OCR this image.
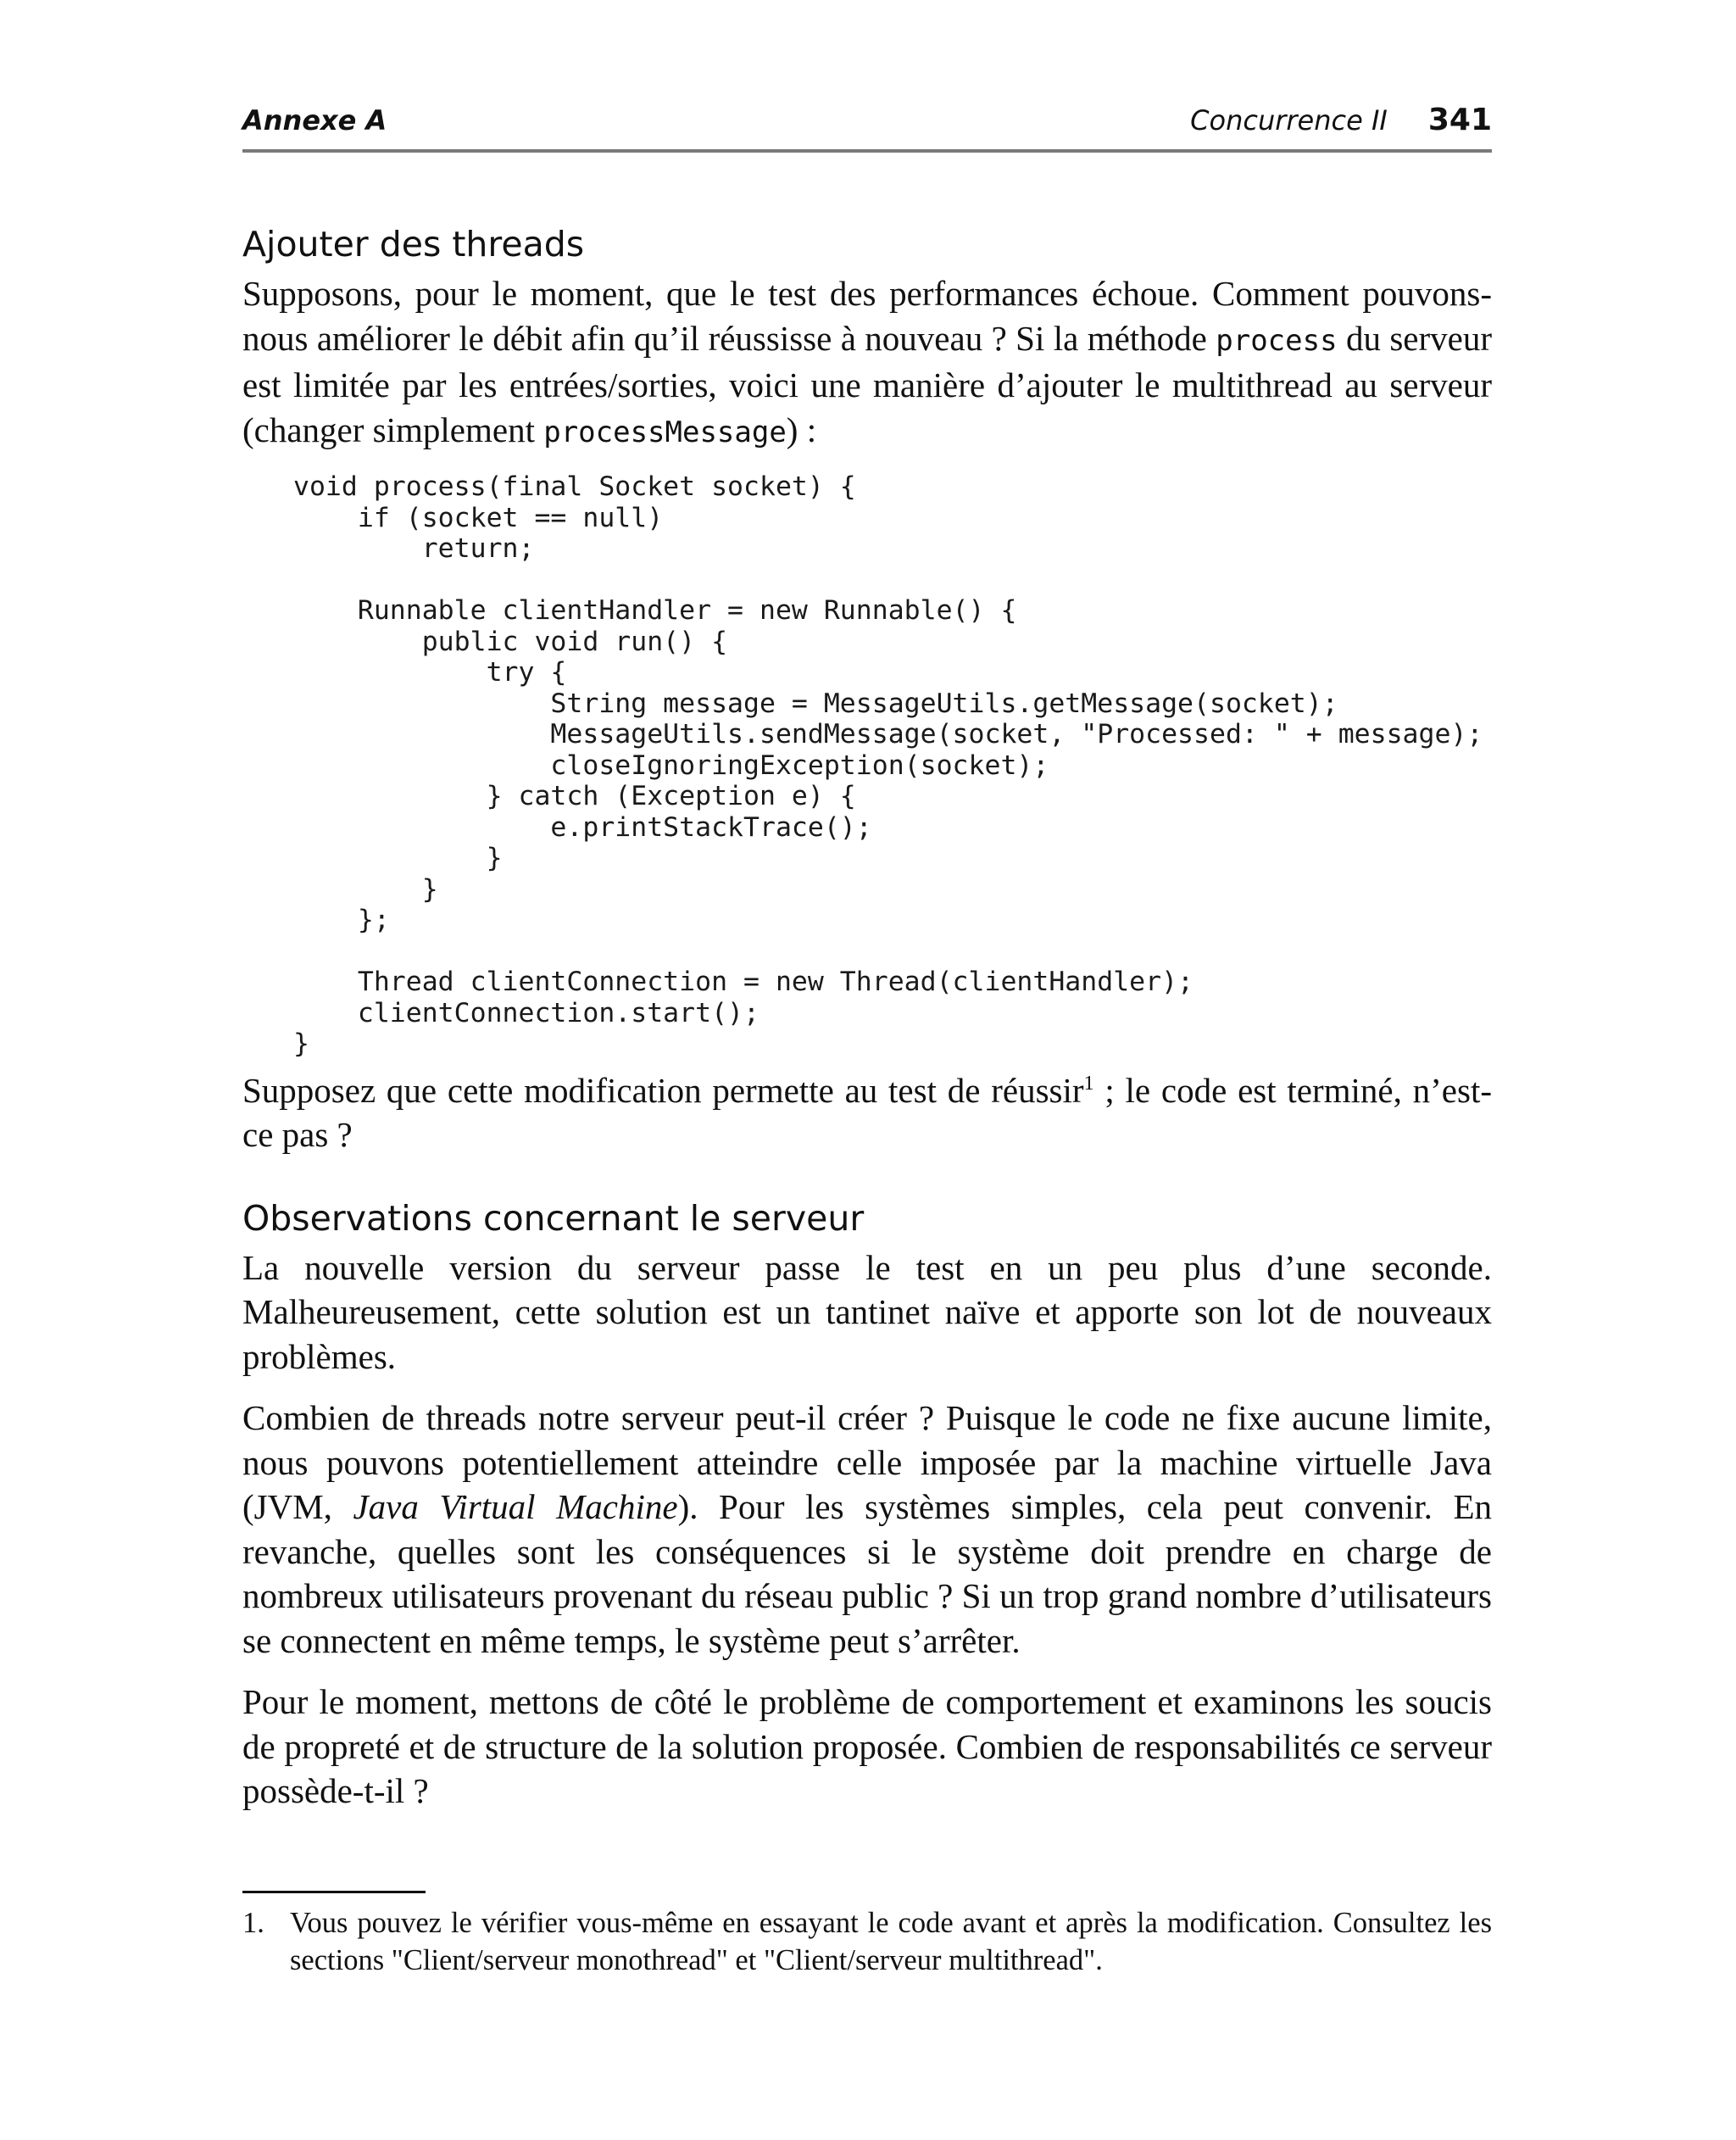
Annexe A	Concurrence II 341
Ajouter des threads

Supposons, pour le moment, que le test des performances échoue. Comment pouvons-nous améliorer le débit afin qu’il réussisse à nouveau ? Si la méthode process du serveur est limitée par les entrées/sorties, voici une manière d’ajouter le multithread au serveur (changer simplement processMessage) :

void process(final Socket socket) {
if (socket == null)
return;

Runnable clientHandler = new Runnable() {
public void run() {
try {
String message = MessageUtils.getMessage(socket);
MessageUtils.sendMessage(socket, "Processed: " + message);
closeIgnoringException(socket);
} catch (Exception e) {
e.printStackTrace();
}
}
};

Thread clientConnection = new Thread(clientHandler);
clientConnection.start();
}

Supposez que cette modification permette au test de réussir$^1$ ; le code est terminé, n’est-ce pas ?

Observations concernant le serveur

La nouvelle version du serveur passe le test en un peu plus d’une seconde. Malheureusement, cette solution est un tantinet naïve et apporte son lot de nouveaux problèmes.

Combien de threads notre serveur peut-il créer ? Puisque le code ne fixe aucune limite, nous pouvons potentiellement atteindre celle imposée par la machine virtuelle Java (JVM, Java Virtual Machine). Pour les systèmes simples, cela peut convenir. En revanche, quelles sont les conséquences si le système doit prendre en charge de nombreux utilisateurs provenant du réseau public ? Si un trop grand nombre d’utilisateurs se connectent en même temps, le système peut s’arrêter.

Pour le moment, mettons de côté le problème de comportement et examinons les soucis de propreté et de structure de la solution proposée. Combien de responsabilités ce serveur possède-t-il ?

1. Vous pouvez le vérifier vous-même en essayant le code avant et après la modification. Consultez les sections "Client/serveur monothread" et "Client/serveur multithread".
